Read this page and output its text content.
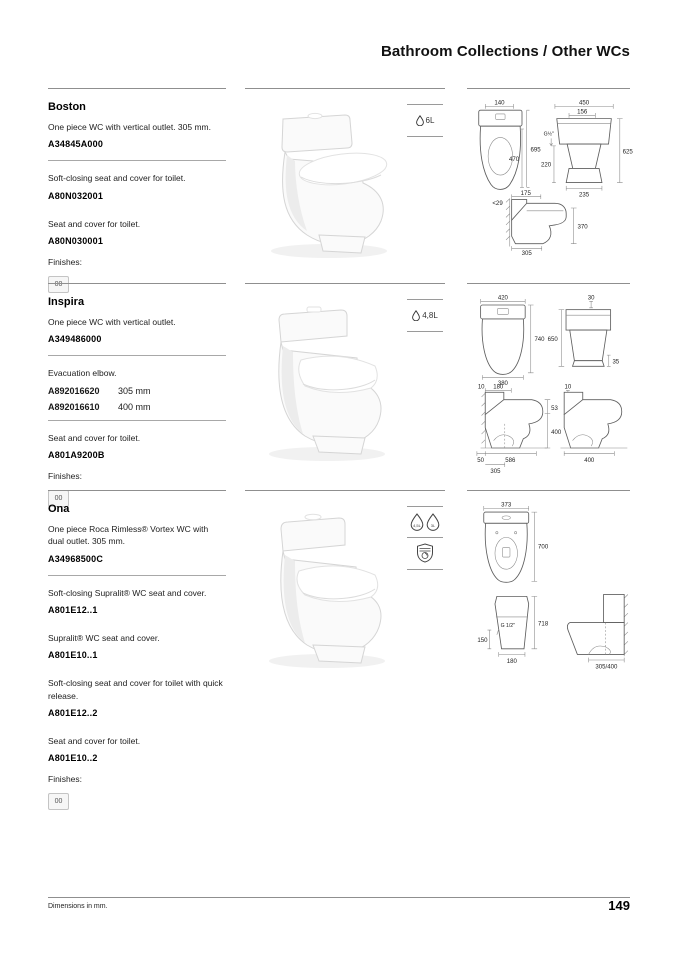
Bathroom Collections / Other WCs
Boston
One piece WC with vertical outlet. 305 mm.
A34845A000
Soft-closing seat and cover for toilet.
A80N032001
Seat and cover for toilet.
A80N030001
Finishes:
00
6L
140
695
470
450
156
G½"
625
220
235
175
<29
370
305
Inspira
One piece WC with vertical outlet.
A349486000
Evacuation elbow.
A892016620	305 mm
A892016610	400 mm
Seat and cover for toilet.
A801A9200B
Finishes:
00
4,8L
420
740
380
30
650
35
180
10
53
400
50	586
305
10
400
Ona
One piece Roca Rimless® Vortex WC with dual outlet. 305 mm.
A34968500C
Soft-closing Supralit® WC seat and cover.
A801E12..1
Supralit® WC seat and cover.
A801E10..1
Soft-closing seat and cover for toilet with quick release.
A801E12..2
Seat and cover for toilet.
A801E10..2
Finishes:
00
4,5L 3L
373
700
718
G 1/2"
150
180
305/400
Dimensions in mm.	149
